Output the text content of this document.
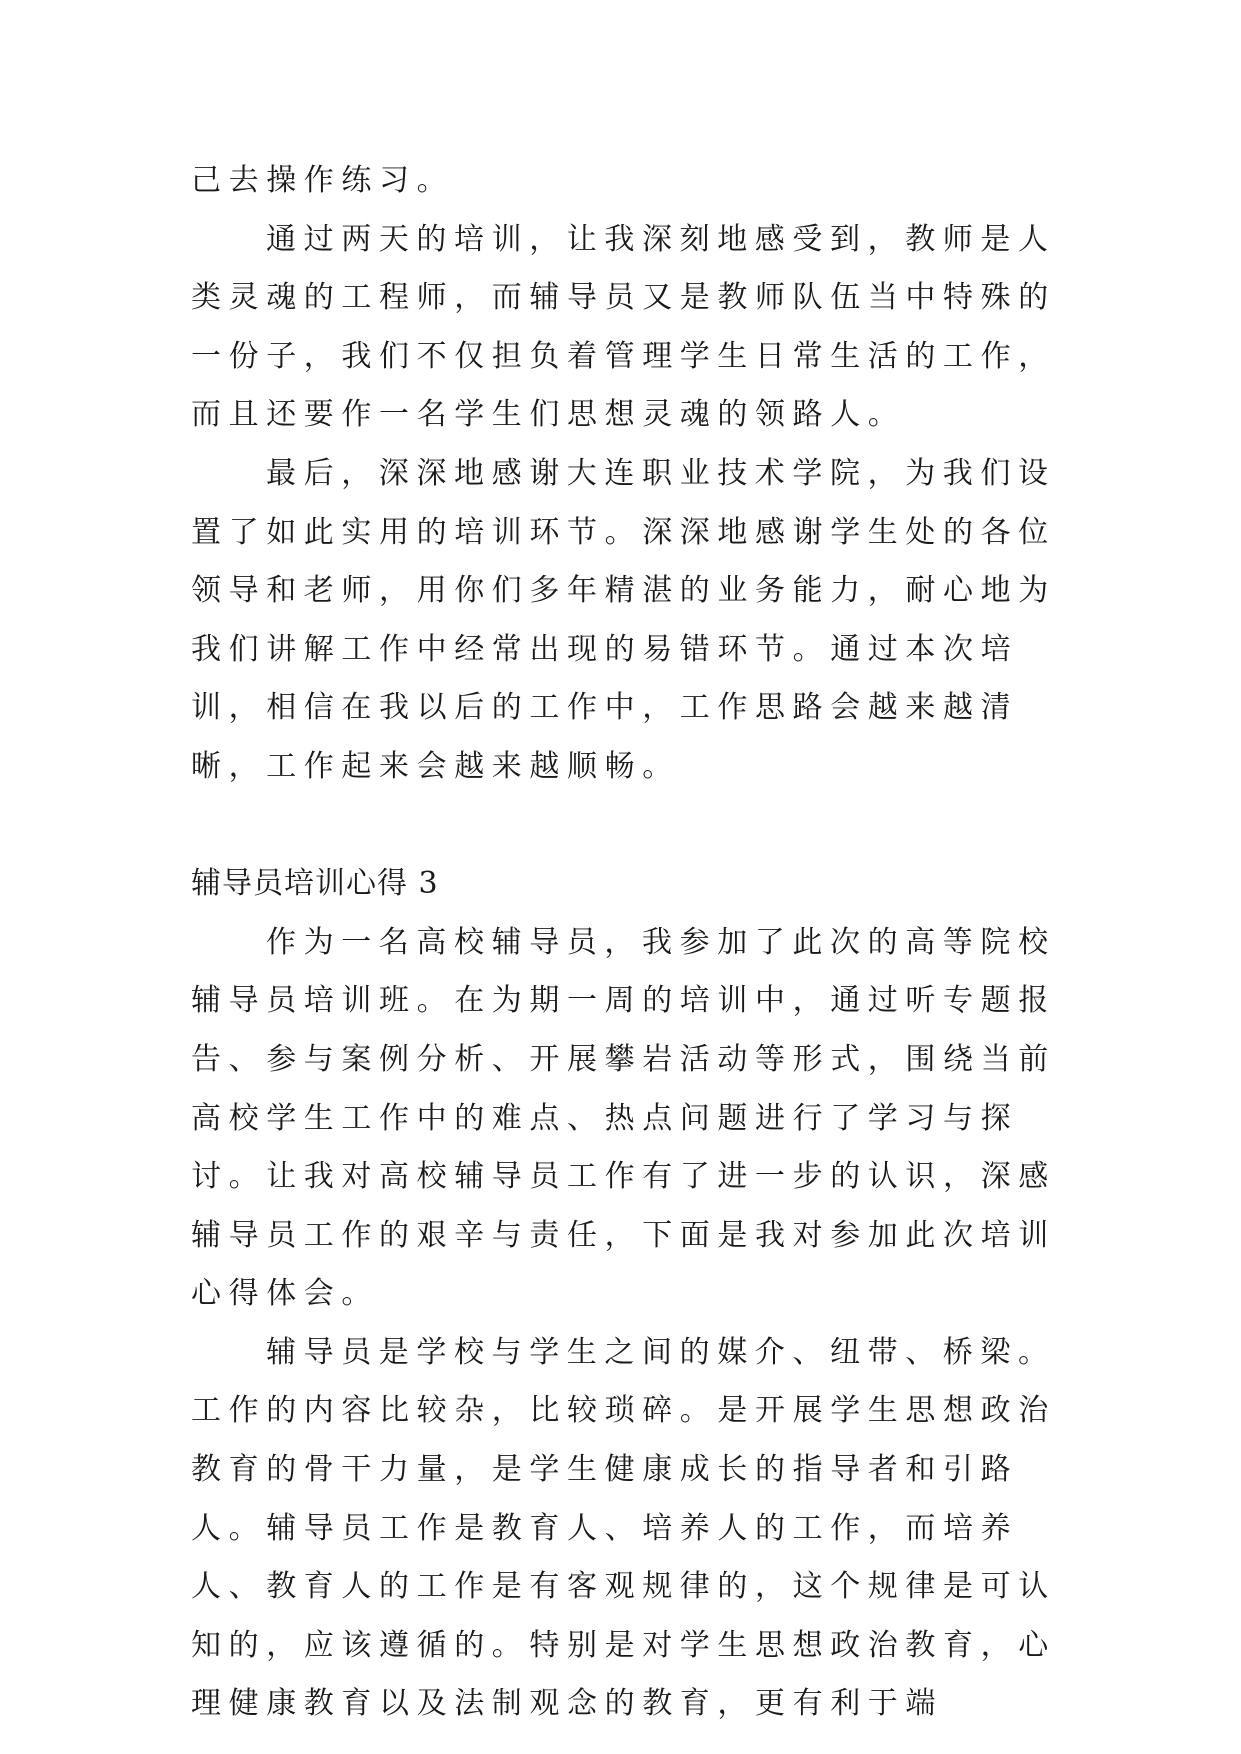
己去操作练习。

通过两天的培训，让我深刻地感受到，教师是人类灵魂的工程师，而辅导员又是教师队伍当中特殊的一份子，我们不仅担负着管理学生日常生活的工作，而且还要作一名学生们思想灵魂的领路人。

最后，深深地感谢大连职业技术学院，为我们设置了如此实用的培训环节。深深地感谢学生处的各位领导和老师，用你们多年精湛的业务能力，耐心地为我们讲解工作中经常出现的易错环节。通过本次培训，相信在我以后的工作中，工作思路会越来越清晰，工作起来会越来越顺畅。

辅导员培训心得 3

作为一名高校辅导员，我参加了此次的高等院校辅导员培训班。在为期一周的培训中，通过听专题报告、参与案例分析、开展攀岩活动等形式，围绕当前高校学生工作中的难点、热点问题进行了学习与探讨。让我对高校辅导员工作有了进一步的认识，深感辅导员工作的艰辛与责任，下面是我对参加此次培训心得体会。

辅导员是学校与学生之间的媒介、纽带、桥梁。工作的内容比较杂，比较琐碎。是开展学生思想政治教育的骨干力量，是学生健康成长的指导者和引路人。辅导员工作是教育人、培养人的工作，而培养人、教育人的工作是有客观规律的，这个规律是可认知的，应该遵循的。特别是对学生思想政治教育，心理健康教育以及法制观念的教育，更有利于端
